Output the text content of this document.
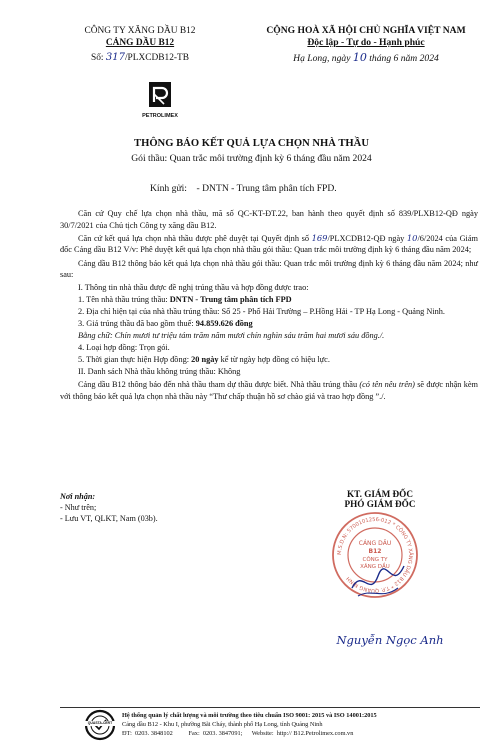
CÔNG TY XĂNG DẦU B12
CẢNG DẦU B12
Số: 317/PLXCDB12-TB
CỘNG HOÀ XÃ HỘI CHỦ NGHĨA VIỆT NAM
Độc lập - Tự do - Hạnh phúc
Hạ Long, ngày 10 tháng 6 năm 2024
PETROLIMEX
THÔNG BÁO KẾT QUẢ LỰA CHỌN NHÀ THẦU
Gói thầu: Quan trắc môi trường định kỳ 6 tháng đầu năm 2024
Kính gửi: - DNTN - Trung tâm phân tích FPD.

Căn cứ Quy chế lựa chọn nhà thầu, mã số QC-KT-ĐT.22, ban hành theo quyết định số 839/PLXB12-QĐ ngày 30/7/2021 của Chủ tịch Công ty xăng dầu B12.

Căn cứ kết quả lựa chọn nhà thầu được phê duyệt tại Quyết định số 169/PLXCDB12-QĐ ngày 10/6/2024 của Giám đốc Cảng dầu B12 V/v: Phê duyệt kết quả lựa chọn nhà thầu gói thầu: Quan trắc môi trường định kỳ 6 tháng đầu năm 2024;

Cảng dầu B12 thông báo kết quả lựa chọn nhà thầu gói thầu: Quan trắc môi trường định kỳ 6 tháng đầu năm 2024; như sau:

I. Thông tin nhà thầu được đề nghị trúng thầu và hợp đồng được trao:

1. Tên nhà thầu trúng thầu: DNTN - Trung tâm phân tích FPD

2. Địa chỉ hiện tại của nhà thầu trúng thầu: Số 25 - Phố Hải Trường – P.Hồng Hải - TP Hạ Long - Quảng Ninh.

3. Giá trúng thầu đã bao gồm thuế: 94.859.626 đồng

Bằng chữ: Chín mươi tư triệu tám trăm năm mươi chín nghìn sáu trăm hai mươi sáu đồng./.

4. Loại hợp đồng: Trọn gói.

5. Thời gian thực hiện Hợp đồng: 20 ngày kể từ ngày hợp đồng có hiệu lực.

II. Danh sách Nhà thầu không trúng thầu: Không

Cảng dầu B12 thông báo đến nhà thầu tham dự thầu được biết. Nhà thầu trúng thầu (có tên nêu trên) sẽ được nhận kèm với thông báo kết quả lựa chọn nhà thầu này “Thư chấp thuận hồ sơ chào giá và trao hợp đồng ”./.

Nơi nhận:
- Như trên;
- Lưu VT, QLKT, Nam (03b).
KT. GIÁM ĐỐC
PHÓ GIÁM ĐỐC
M.S.D.N: 5700101256-012 * CÔNG TY XĂNG DẦU B12 * T.P. QUẢNG NINH
CẢNG DẦU
B12
CÔNG TY
XĂNG DẦU
Nguyễn Ngọc Anh
QUASTA-CERT
Hệ thống quản lý chất lượng và môi trường theo tiêu chuẩn ISO 9001: 2015 và ISO 14001:2015
Cảng dầu B12 - Khu I, phường Bãi Cháy, thành phố Hạ Long, tỉnh Quảng Ninh
ĐT:  0203. 3848102          Fax:  0203. 3847091;      Website:  http:// B12.Petrolimex.com.vn
